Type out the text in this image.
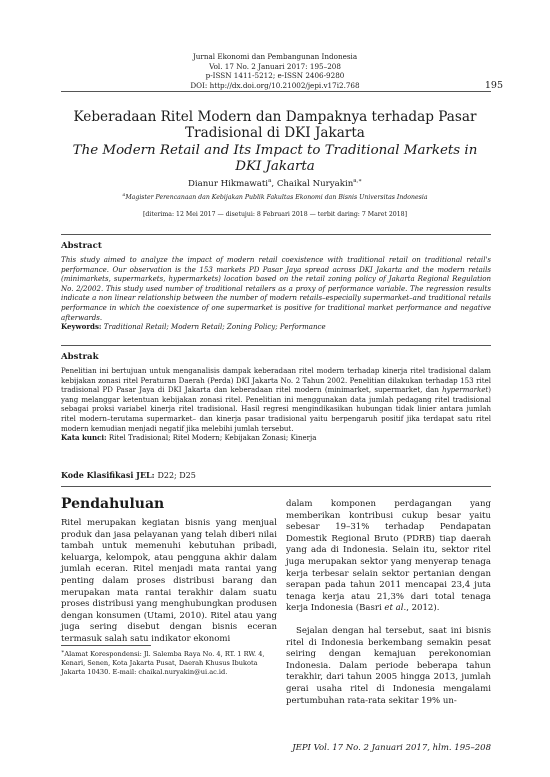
Jurnal Ekonomi dan Pembangunan Indonesia
Vol. 17 No. 2 Januari 2017: 195–208
p-ISSN 1411-5212; e-ISSN 2406-9280
DOI: http://dx.doi.org/10.21002/jepi.v17i2.768	195
Keberadaan Ritel Modern dan Dampaknya terhadap Pasar Tradisional di DKI Jakarta
The Modern Retail and Its Impact to Traditional Markets in DKI Jakarta
Dianur Hikmawati$^a$, Chaikal Nuryakin$^{a,∗}$
$^a$Magister Perencanaan dan Kebijakan Publik Fakultas Ekonomi dan Bisnis Universitas Indonesia
[diterima: 12 Mei 2017 — disetujui: 8 Februari 2018 — terbit daring: 7 Maret 2018]
Abstract

This study aimed to analyze the impact of modern retail coexistence with traditional retail on traditional retail's performance. Our observation is the 153 markets PD Pasar Jaya spread across DKI Jakarta and the modern retails (minimarkets, supermarkets, hypermarkets) location based on the retail zoning policy of Jakarta Regional Regulation No. 2/2002. This study used number of traditional retailers as a proxy of performance variable. The regression results indicate a non linear relationship between the number of modern retails–especially supermarket–and traditional retails performance in which the coexistence of one supermarket is positive for traditional market performance and negative afterwards.

Keywords: Traditional Retail; Modern Retail; Zoning Policy; Performance

Abstrak

Penelitian ini bertujuan untuk menganalisis dampak keberadaan ritel modern terhadap kinerja ritel tradisional dalam kebijakan zonasi ritel Peraturan Daerah (Perda) DKI Jakarta No. 2 Tahun 2002. Penelitian dilakukan terhadap 153 ritel tradisional PD Pasar Jaya di DKI Jakarta dan keberadaan ritel modern (minimarket, supermarket, dan hypermarket) yang melanggar ketentuan kebijakan zonasi ritel. Penelitian ini menggunakan data jumlah pedagang ritel tradisional sebagai proksi variabel kinerja ritel tradisional. Hasil regresi mengindikasikan hubungan tidak linier antara jumlah ritel modern–terutama supermarket– dan kinerja pasar tradisional yaitu berpengaruh positif jika terdapat satu ritel modern kemudian menjadi negatif jika melebihi jumlah tersebut.

Kata kunci: Ritel Tradisional; Ritel Modern; Kebijakan Zonasi; Kinerja

Kode Klasifikasi JEL: D22; D25
Pendahuluan

Ritel merupakan kegiatan bisnis yang menjual produk dan jasa pelayanan yang telah diberi nilai tambah untuk memenuhi kebutuhan pribadi, keluarga, kelompok, atau pengguna akhir dalam jumlah eceran. Ritel menjadi mata rantai yang penting dalam proses distribusi barang dan merupakan mata rantai terakhir dalam suatu proses distribusi yang menghubungkan produsen dengan konsumen (Utami, 2010). Ritel atau yang juga sering disebut dengan bisnis eceran termasuk salah satu indikator ekonomi

∗Alamat Korespondensi: Jl. Salemba Raya No. 4, RT. 1 RW. 4, Kenari, Senen, Kota Jakarta Pusat, Daerah Khusus Ibukota Jakarta 10430. E-mail: chaikal.nuryakin@ui.ac.id.

dalam komponen perdagangan yang memberikan kontribusi cukup besar yaitu sebesar 19–31% terhadap Pendapatan Domestik Regional Bruto (PDRB) tiap daerah yang ada di Indonesia. Selain itu, sektor ritel juga merupakan sektor yang menyerap tenaga kerja terbesar selain sektor pertanian dengan serapan pada tahun 2011 mencapai 23,4 juta tenaga kerja atau 21,3% dari total tenaga kerja Indonesia (Basri et al., 2012).

Sejalan dengan hal tersebut, saat ini bisnis ritel di Indonesia berkembang semakin pesat seiring dengan kemajuan perekonomian Indonesia. Dalam periode beberapa tahun terakhir, dari tahun 2005 hingga 2013, jumlah gerai usaha ritel di Indonesia mengalami pertumbuhan rata-rata sekitar 19% un-

JEPI Vol. 17 No. 2 Januari 2017, hlm. 195–208
